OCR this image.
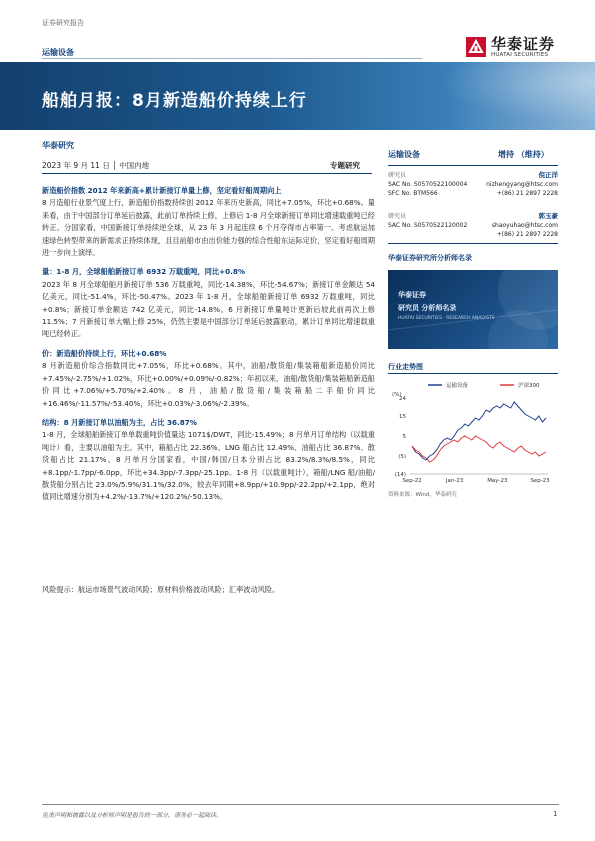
证券研究报告
运输设备	华泰证券
HUATAI SECURITIES
船舶月报：8月新造船价持续上行
华泰研究
2023 年 9 月 11 日 │ 中国内地	专题研究

新造船价指数 2012 年来新高+累计新接订单量上修，坚定看好船周期向上

8 月造船行业景气度上行，新造船价指数持续创 2012 年来历史新高，同比+7.05%，环比+0.68%。量来看，由于中国部分订单延后披露，此前订单持续上修，上修后 1-8 月全球新接订单同比增速载重吨已经转正。分国家看，中国新接订单持续逆全球，从 23 年 3 月起连续 6 个月夺得市占率第一。考虑航运加速绿色转型带来的新需求正持续体现，且目前船市由出价能力强的综合性船东运际定价，坚定看好船周期进一步向上演绎。

量：1-8 月，全球船舶新接订单 6932 万载重吨，同比+0.8%

2023 年 8 月全球船舶月新接订单 536 万载重吨，同比-14.38%，环比-54.67%；新接订单金额达 54 亿美元，同比-51.4%，环比-50.47%。2023 年 1-8 月，全球船舶新接订单 6932 万载重吨，同比+0.8%；新接订单金额达 742 亿美元，同比-14.8%。6 月新接订单量吨计更新后较此前再次上修 11.5%；7 月新接订单大幅上修 25%，仍然主要是中国部分订单延后披露驱动，累计订单同比增速载重吨已经转正。

价：新造船价持续上行，环比+0.68%

8 月新造船价综合指数同比+7.05%，环比+0.68%。其中，油船/散货船/集装箱船新造船价同比+7.45%/-2.75%/+1.02%，环比+0.00%/+0.09%/-0.82%；年初以来，油船/散货船/集装箱船新造船价同比+7.06%/+5.70%/+2.40%。8 月，油船/散货船/集装箱船二手船价同比+16.46%/-11.57%/-53.40%，环比+0.03%/-3.06%/-2.39%。

结构：8 月新接订单以油船为主，占比 36.87%

1-8 月，全球船舶新接订单单载重吨价值量达 1071$/DWT，同比-15.49%；8 月单月订单结构（以载重吨计）看，主要以油船为主。其中，箱船占比 22.36%、LNG 船占比 12.49%、油船占比 36.87%、散货船占比 21.17%。8 月单月分国家看，中国/韩国/日本分别占比 83.2%/8.3%/8.5%，同比+8.1pp/-1.7pp/-6.0pp，环比+34.3pp/-7.3pp/-25.1pp。1-8 月（以载重吨计），箱船/LNG 船/油船/散货船分别占比 23.0%/5.9%/31.1%/32.0%，较去年同期+8.9pp/+10.9pp/-22.2pp/+2.1pp，绝对值同比增速分别为+4.2%/-13.7%/+120.2%/-50.13%。

风险提示：航运市场景气波动风险；原材料价格波动风险；汇率波动风险。
运输设备	增持 （维持）
研究员	倪正洋
SAC No. S0570522100004	nizhengyang@htsc.com
SFC No. BTM566	+(86) 21 2897 2228
研究员	郭玉豪
SAC No. S0570522120002	shaoyuhao@htsc.com
+(86) 21 2897 2228
华泰证券研究所分析师名录
华泰证券
研究员 分析师名录
HUATAI SECURITIES · RESEARCH ANALYSTS
行业走势图
(%)
运输设备	沪深300
24
15
5
(5)
(14)
Sep-22	Jan-23	May-23	Sep-23
资料来源：Wind，华泰研究
免责声明和披露以及分析师声明是报告的一部分，请务必一起阅读。	1
